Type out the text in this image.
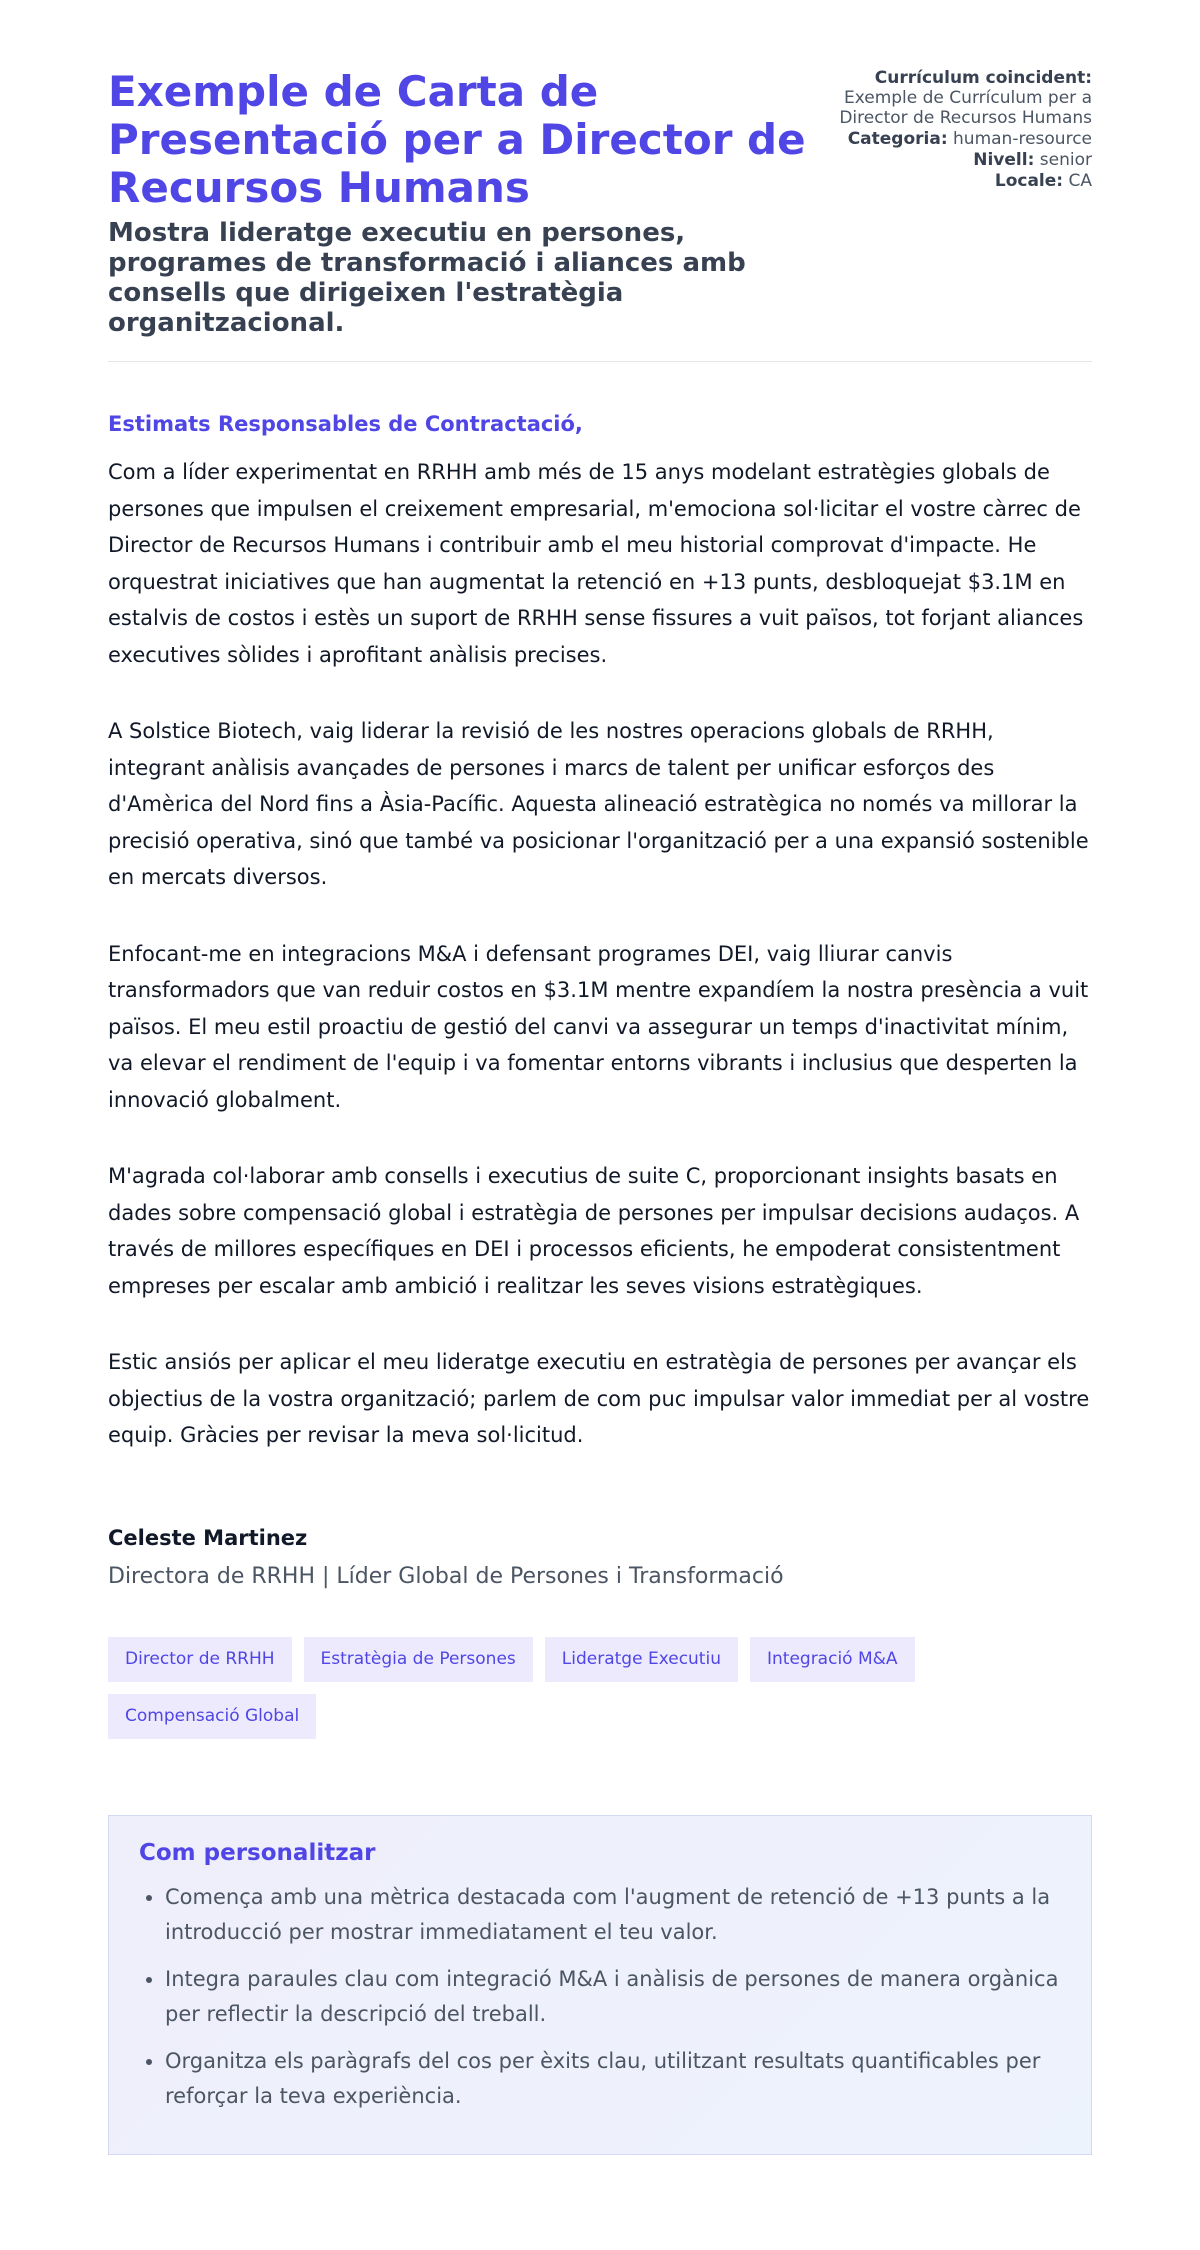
Exemple de Carta de Presentació per a Director de Recursos Humans
Mostra lideratge executiu en persones, programes de transformació i aliances amb consells que dirigeixen l'estratègia organitzacional.
Currículum coincident:
Exemple de Currículum per a Director de Recursos Humans
Categoria: human-resource
Nivell: senior
Locale: CA
Estimats Responsables de Contractació,

Com a líder experimentat en RRHH amb més de 15 anys modelant estratègies globals de persones que impulsen el creixement empresarial, m'emociona sol·licitar el vostre càrrec de Director de Recursos Humans i contribuir amb el meu historial comprovat d'impacte. He orquestrat iniciatives que han augmentat la retenció en +13 punts, desbloquejat $3.1M en estalvis de costos i estès un suport de RRHH sense fissures a vuit països, tot forjant aliances executives sòlides i aprofitant anàlisis precises.

A Solstice Biotech, vaig liderar la revisió de les nostres operacions globals de RRHH, integrant anàlisis avançades de persones i marcs de talent per unificar esforços des d'Amèrica del Nord fins a Àsia-Pacífic. Aquesta alineació estratègica no només va millorar la precisió operativa, sinó que també va posicionar l'organització per a una expansió sostenible en mercats diversos.

Enfocant-me en integracions M&A i defensant programes DEI, vaig lliurar canvis transformadors que van reduir costos en $3.1M mentre expandíem la nostra presència a vuit països. El meu estil proactiu de gestió del canvi va assegurar un temps d'inactivitat mínim, va elevar el rendiment de l'equip i va fomentar entorns vibrants i inclusius que desperten la innovació globalment.

M'agrada col·laborar amb consells i executius de suite C, proporcionant insights basats en dades sobre compensació global i estratègia de persones per impulsar decisions audaços. A través de millores específiques en DEI i processos eficients, he empoderat consistentment empreses per escalar amb ambició i realitzar les seves visions estratègiques.

Estic ansiós per aplicar el meu lideratge executiu en estratègia de persones per avançar els objectius de la vostra organització; parlem de com puc impulsar valor immediat per al vostre equip. Gràcies per revisar la meva sol·licitud.

Celeste Martinez
Directora de RRHH | Líder Global de Persones i Transformació
Director de RRHH	Estratègia de Persones	Lideratge Executiu	Integració M&A
Compensació Global
Com personalitzar
• Comença amb una mètrica destacada com l'augment de retenció de +13 punts a la introducció per mostrar immediatament el teu valor.
• Integra paraules clau com integració M&A i anàlisis de persones de manera orgànica per reflectir la descripció del treball.
• Organitza els paràgrafs del cos per èxits clau, utilitzant resultats quantificables per reforçar la teva experiència.
